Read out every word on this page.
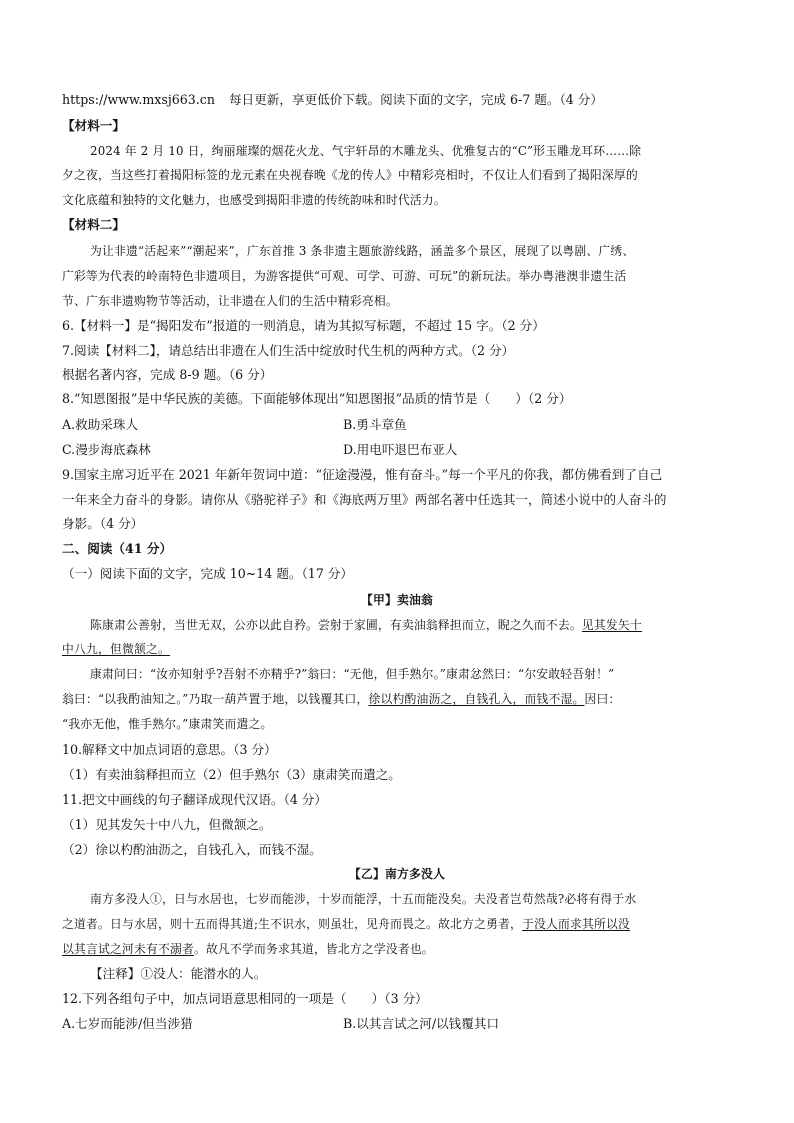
https://www.mxsj663.cn 每日更新，享更低价下载。阅读下面的文字，完成 6-7 题。（4 分）
【材料一】
2024 年 2 月 10 日，绚丽璀璨的烟花火龙、气宇轩昂的木雕龙头、优雅复古的“C”形玉雕龙耳环……除
夕之夜，当这些打着揭阳标签的龙元素在央视春晚《龙的传人》中精彩亮相时，不仅让人们看到了揭阳深厚的
文化底蕴和独特的文化魅力，也感受到揭阳非遗的传统韵味和时代活力。
【材料二】
为让非遗“活起来”“潮起来”，广东首推 3 条非遗主题旅游线路，涵盖多个景区，展现了以粤剧、广绣、
广彩等为代表的岭南特色非遗项目，为游客提供“可观、可学、可游、可玩”的新玩法。举办粤港澳非遗生活
节、广东非遗购物节等活动，让非遗在人们的生活中精彩亮相。
6.【材料一】是“揭阳发布”报道的一则消息，请为其拟写标题，不超过 15 字。（2 分）
7.阅读【材料二】，请总结出非遗在人们生活中绽放时代生机的两种方式。（2 分）
根据名著内容，完成 8-9 题。（6 分）
8.“知恩图报”是中华民族的美德。下面能够体现出“知恩图报”品质的情节是（　　）（2 分）
A.救助采珠人	B.勇斗章鱼
C.漫步海底森林	D.用电吓退巴布亚人
9.国家主席习近平在 2021 年新年贺词中道：“征途漫漫，惟有奋斗。”每一个平凡的你我，都仿佛看到了自己
一年来全力奋斗的身影。请你从《骆驼祥子》和《海底两万里》两部名著中任选其一，简述小说中的人奋斗的
身影。（4 分）
二、阅读（41 分）
（一）阅读下面的文字，完成 10~14 题。（17 分）
【甲】卖油翁
陈康肃公善射，当世无双，公亦以此自矜。尝射于家圃，有卖油翁释担而立，睨之久而不去。见其发矢十
中八九，但微颔之。
康肃问曰：“汝亦知射乎?吾射不亦精乎?”翁曰：“无他，但手熟尔。”康肃忿然曰：“尔安敢轻吾射！”
翁曰：“以我酌油知之。”乃取一葫芦置于地，以钱覆其口，徐以杓酌油沥之，自钱孔入，而钱不湿。因曰：
“我亦无他，惟手熟尔。”康肃笑而遣之。
10.解释文中加点词语的意思。（3 分）
（1）有卖油翁释担而立（2）但手熟尔（3）康肃笑而遣之。
11.把文中画线的句子翻译成现代汉语。（4 分）
（1）见其发矢十中八九，但微颔之。
（2）徐以杓酌油沥之，自钱孔入，而钱不湿。
【乙】南方多没人
南方多没人①，日与水居也，七岁而能涉，十岁而能浮，十五而能没矣。夫没者岂苟然哉?必将有得于水
之道者。日与水居，则十五而得其道;生不识水，则虽壮，见舟而畏之。故北方之勇者，于没人而求其所以没
以其言试之河未有不溺者。故凡不学而务求其道，皆北方之学没者也。
【注释】①没人：能潜水的人。
12.下列各组句子中，加点词语意思相同的一项是（　　）（3 分）
A.七岁而能涉/但当涉猎	B.以其言试之河/以钱覆其口
